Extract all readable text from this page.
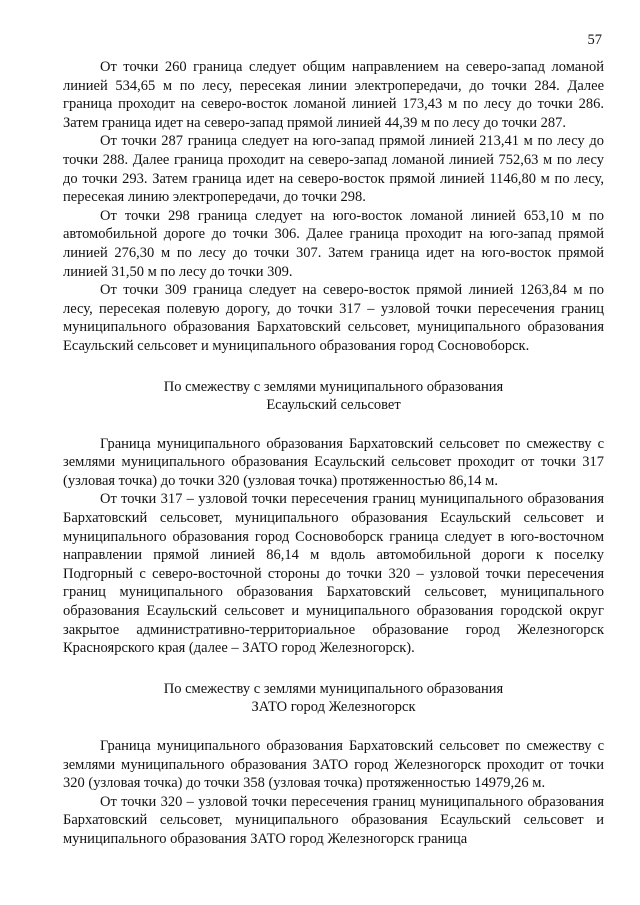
57

От точки 260 граница следует общим направлением на северо-запад ломаной линией 534,65 м по лесу, пересекая линии электропередачи, до точки 284. Далее граница проходит на северо-восток ломаной линией 173,43 м по лесу до точки 286. Затем граница идет на северо-запад прямой линией 44,39 м по лесу до точки 287.

От точки 287 граница следует на юго-запад прямой линией 213,41 м по лесу до точки 288. Далее граница проходит на северо-запад ломаной линией 752,63 м по лесу до точки 293. Затем граница идет на северо-восток прямой линией 1146,80 м по лесу, пересекая линию электропередачи, до точки 298.

От точки 298 граница следует на юго-восток ломаной линией 653,10 м по автомобильной дороге до точки 306. Далее граница проходит на юго-запад прямой линией 276,30 м по лесу до точки 307. Затем граница идет на юго-восток прямой линией 31,50 м по лесу до точки 309.

От точки 309 граница следует на северо-восток прямой линией 1263,84 м по лесу, пересекая полевую дорогу, до точки 317 – узловой точки пересечения границ муниципального образования Бархатовский сельсовет, муниципального образования Есаульский сельсовет и муниципального образования город Сосновоборск.

По смежеству с землями муниципального образования
Есаульский сельсовет

Граница муниципального образования Бархатовский сельсовет по смежеству с землями муниципального образования Есаульский сельсовет проходит от точки 317 (узловая точка) до точки 320 (узловая точка) протяженностью 86,14 м.

От точки 317 – узловой точки пересечения границ муниципального образования Бархатовский сельсовет, муниципального образования Есаульский сельсовет и муниципального образования город Сосновоборск граница следует в юго-восточном направлении прямой линией 86,14 м вдоль автомобильной дороги к поселку Подгорный с северо-восточной стороны до точки 320 – узловой точки пересечения границ муниципального образования Бархатовский сельсовет, муниципального образования Есаульский сельсовет и муниципального образования городской округ закрытое административно-территориальное образование город Железногорск Красноярского края (далее – ЗАТО город Железногорск).

По смежеству с землями муниципального образования
ЗАТО город Железногорск

Граница муниципального образования Бархатовский сельсовет по смежеству с землями муниципального образования ЗАТО город Железногорск проходит от точки 320 (узловая точка) до точки 358 (узловая точка) протяженностью 14979,26 м.

От точки 320 – узловой точки пересечения границ муниципального образования Бархатовский сельсовет, муниципального образования Есаульский сельсовет и муниципального образования ЗАТО город Железногорск граница
